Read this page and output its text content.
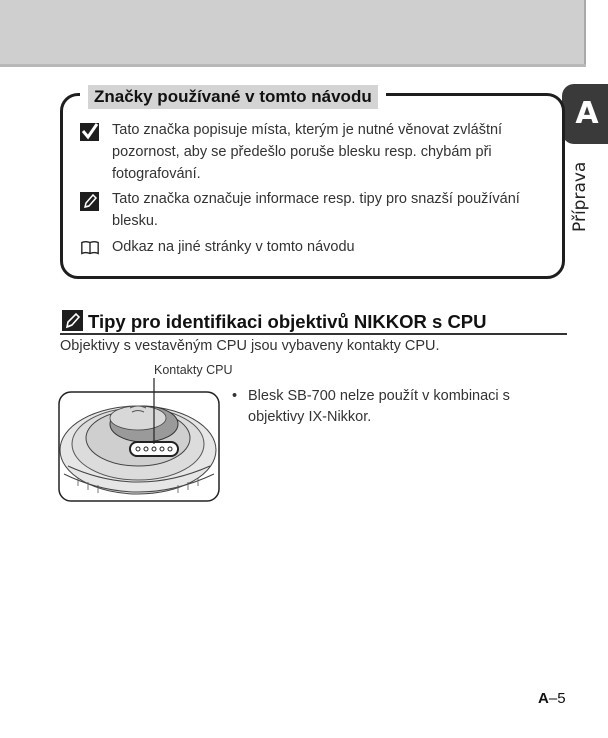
A
Příprava
Značky používané v tomto návodu
Tato značka popisuje místa, kterým je nutné věnovat zvláštní pozornost, aby se předešlo poruše blesku resp. chybám při fotografování.
Tato značka označuje informace resp. tipy pro snazší používání blesku.
Odkaz na jiné stránky v tomto návodu
Tipy pro identifikaci objektivů NIKKOR s CPU
Objektivy s vestavěným CPU jsou vybaveny kontakty CPU.
Kontakty CPU
• Blesk SB-700 nelze použít v kombinaci s objektivy IX-Nikkor.
A–5
